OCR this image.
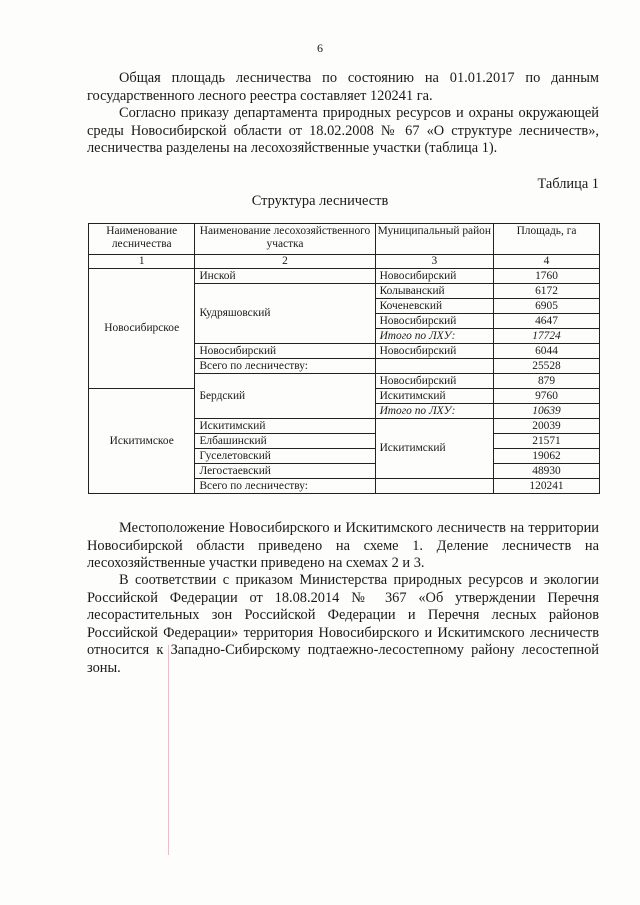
6

Общая площадь лесничества по состоянию на 01.01.2017 по данным государственного лесного реестра составляет 120241 га.

Согласно приказу департамента природных ресурсов и охраны окружающей среды Новосибирской области от 18.02.2008 № 67 «О структуре лесничеств», лесничества разделены на лесохозяйственные участки (таблица 1).

Таблица 1
Структура лесничеств
Наименование лесничества	Наименование лесохозяйственного участка	Муниципальный район	Площадь, га
1	2	3	4
Новосибирское	Инской	Новосибирский	1760
	Кудряшовский	Колыванский	6172
		Коченевский	6905
		Новосибирский	4647
		Итого по ЛХУ:	17724
	Новосибирский	Новосибирский	6044
	Всего по лесничеству:		25528
	Бердский	Новосибирский	879
Искитимское		Искитимский	9760
		Итого по ЛХУ:	10639
	Искитимский	Искитимский	20039
	Елбашинский		21571
	Гуселетовский		19062
	Легостаевский		48930
	Всего по лесничеству:		120241

Местоположение Новосибирского и Искитимского лесничеств на территории Новосибирской области приведено на схеме 1. Деление лесничеств на лесохозяйственные участки приведено на схемах 2 и 3.

В соответствии с приказом Министерства природных ресурсов и экологии Российской Федерации от 18.08.2014 № 367 «Об утверждении Перечня лесорастительных зон Российской Федерации и Перечня лесных районов Российской Федерации» территория Новосибирского и Искитимского лесничеств относится к Западно-Сибирскому подтаежно-лесостепному району лесостепной зоны.
